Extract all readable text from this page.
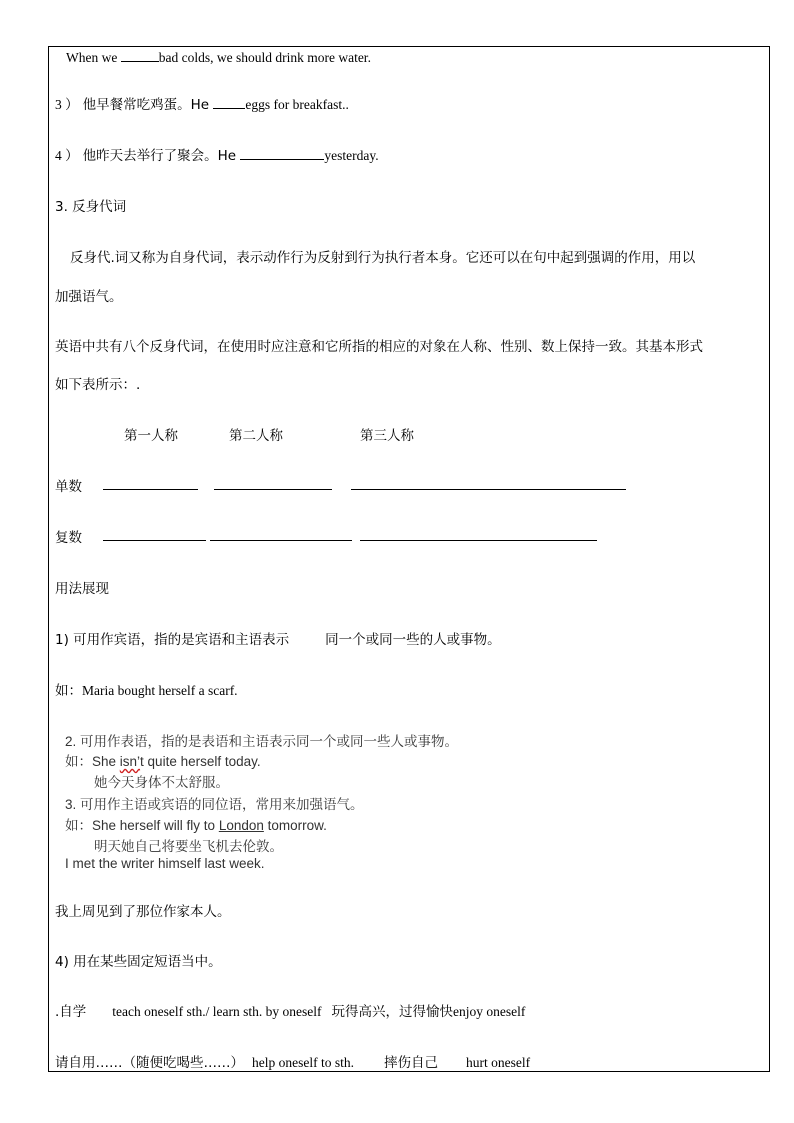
When we	bad colds, we should drink more water.
3 ） 他早餐常吃鸡蛋。He eggs for breakfast..
4 ） 他昨天去举行了聚会。He	yesterday.
3. 反身代词
反身代.词又称为自身代词，表示动作行为反射到行为执行者本身。它还可以在句中起到强调的作用，用以
加强语气。
英语中共有八个反身代词，在使用时应注意和它所指的相应的对象在人称、性别、数上保持一致。其基本形式
如下表所示：.
第一人称	第二人称	第三人称
单数
复数
用法展现
1) 可用作宾语，指的是宾语和主语表示	同一个或同一些的人或事物。
如：Maria bought herself a scarf.
2. 可用作表语，指的是表语和主语表示同一个或同一些人或事物。
如：She isn’t quite herself today.
她今天身体不太舒服。
3. 可用作主语或宾语的同位语，常用来加强语气。
如：She herself will fly to London tomorrow.
明天她自己将要坐飞机去伦敦。
I met the writer himself last week.
我上周见到了那位作家本人。
4) 用在某些固定短语当中。
.自学 teach oneself sth./ learn sth. by oneself 玩得高兴，过得愉快enjoy oneself
请自用……（随便吃喝些……） help oneself to sth. 摔伤自己 hurt oneself
